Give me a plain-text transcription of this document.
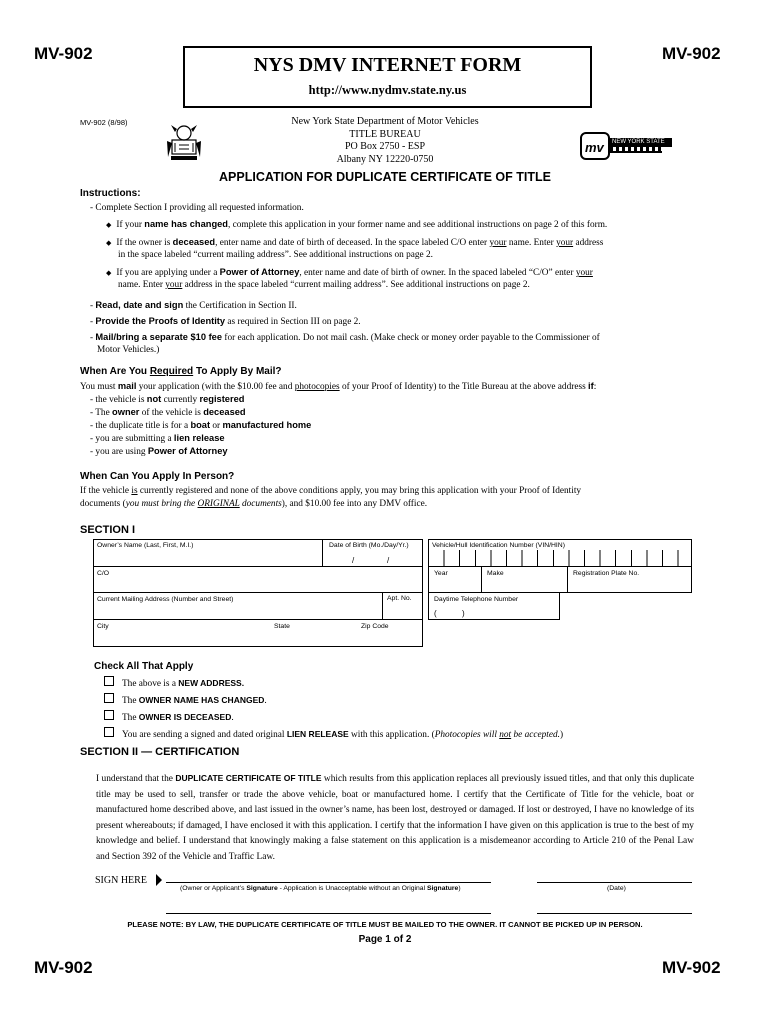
MV-902	MV-902
NYS DMV INTERNET FORM
http://www.nydmv.state.ny.us
MV-902 (8/98)	New York State Department of Motor Vehicles
TITLE BUREAU
PO Box 2750 - ESP
Albany NY 12220-0750
mv NEW YORK STATE
APPLICATION FOR DUPLICATE CERTIFICATE OF TITLE
Instructions:
- Complete Section I providing all requested information.
◆ If your name has changed, complete this application in your former name and see additional instructions on page 2 of this form.
◆ If the owner is deceased, enter name and date of birth of deceased. In the space labeled C/O enter your name. Enter your address
in the space labeled “current mailing address”. See additional instructions on page 2.
◆ If you are applying under a Power of Attorney, enter name and date of birth of owner. In the spaced labeled “C/O” enter your
name. Enter your address in the space labeled “current mailing address”. See additional instructions on page 2.
- Read, date and sign the Certification in Section II.
- Provide the Proofs of Identity as required in Section III on page 2.
- Mail/bring a separate $10 fee for each application. Do not mail cash. (Make check or money order payable to the Commissioner of
Motor Vehicles.)
When Are You Required To Apply By Mail?
You must mail your application (with the $10.00 fee and photocopies of your Proof of Identity) to the Title Bureau at the above address if:
- the vehicle is not currently registered
- The owner of the vehicle is deceased
- the duplicate title is for a boat or manufactured home
- you are submitting a lien release
- you are using Power of Attorney
When Can You Apply In Person?
If the vehicle is currently registered and none of the above conditions apply, you may bring this application with your Proof of Identity
documents (you must bring the ORIGINAL documents), and $10.00 fee into any DMV office.
SECTION I
Owner’s Name (Last, First, M.I.)	Date of Birth (Mo./Day/Yr.)
/	/
C/O
Current Mailing Address (Number and Street)	Apt. No.
City	State	Zip Code
Vehicle/Hull Identification Number (VIN/HIN)
Year	Make	Registration Plate No.
Daytime Telephone Number
(	)
Check All That Apply
The above is a NEW ADDRESS.
The OWNER NAME HAS CHANGED.
The OWNER IS DECEASED.
You are sending a signed and dated original LIEN RELEASE with this application. (Photocopies will not be accepted.)
SECTION II — CERTIFICATION
I understand that the DUPLICATE CERTIFICATE OF TITLE which results from this application replaces all previously issued titles, and that only this duplicate title may be used to sell, transfer or trade the above vehicle, boat or manufactured home. I certify that the Certificate of Title for the vehicle, boat or manufactured home described above, and last issued in the owner’s name, has been lost, destroyed or damaged. If lost or destroyed, I have no knowledge of its present whereabouts; if damaged, I have enclosed it with this application. I certify that the information I have given on this application is true to the best of my knowledge and belief. I understand that knowingly making a false statement on this application is a misdemeanor according to Article 210 of the Penal Law and Section 392 of the Vehicle and Traffic Law.
SIGN HERE
(Owner or Applicant’s Signature - Application is Unacceptable without an Original Signature)	(Date)
PLEASE NOTE: BY LAW, THE DUPLICATE CERTIFICATE OF TITLE MUST BE MAILED TO THE OWNER. IT CANNOT BE PICKED UP IN PERSON.
Page 1 of 2
MV-902	MV-902
